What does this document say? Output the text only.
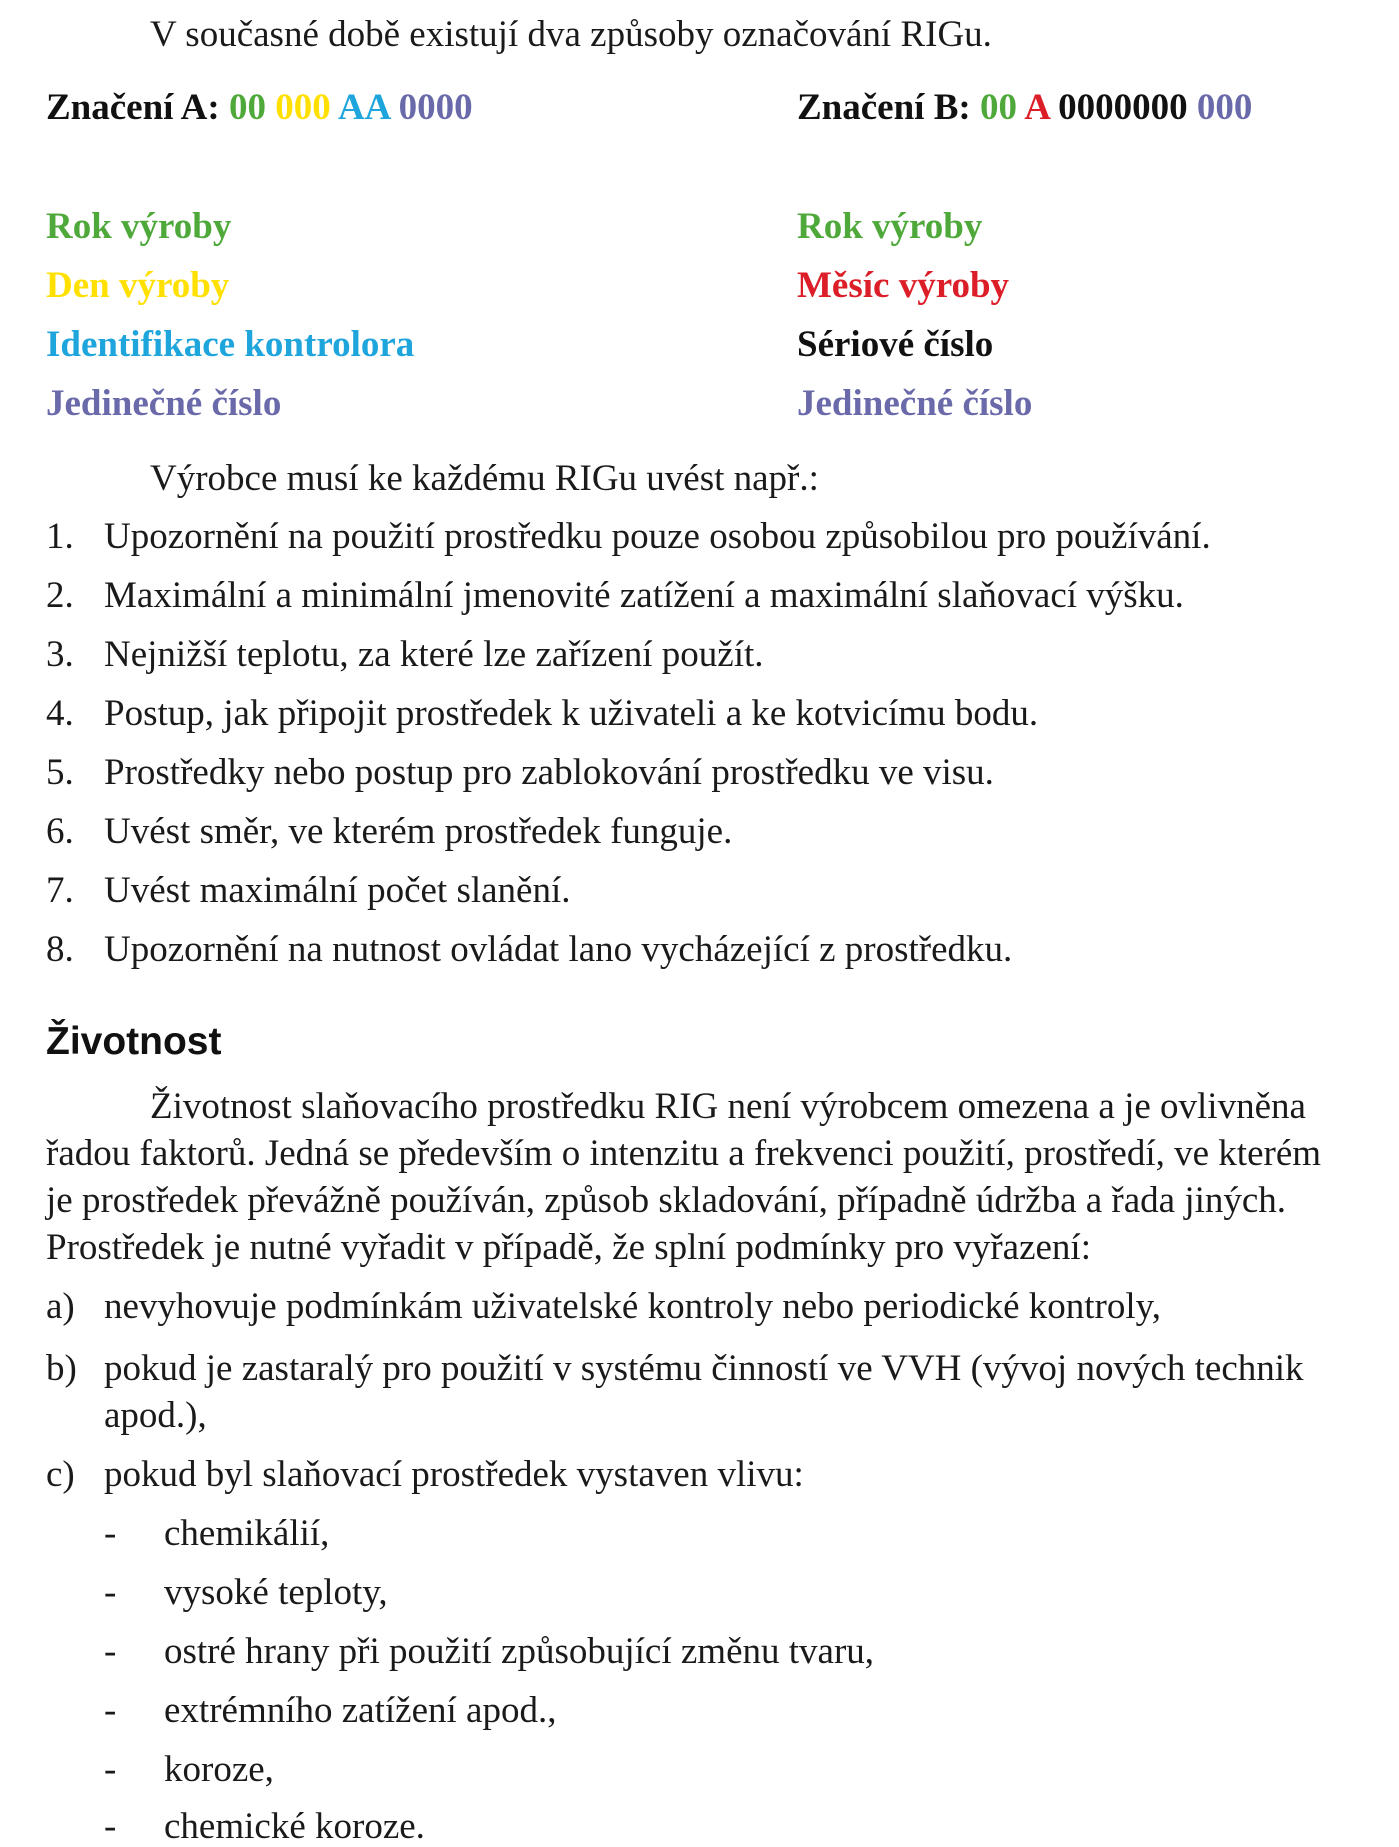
V současné době existují dva způsoby označování RIGu.
Značení A: 00 000 AA 0000	Značení B: 00 A 0000000 000
Rok výroby
Den výroby
Identifikace kontrolora
Jedinečné číslo
Rok výroby
Měsíc výroby
Sériové číslo
Jedinečné číslo
Výrobce musí ke každému RIGu uvést např.:
1. Upozornění na použití prostředku pouze osobou způsobilou pro používání.
2. Maximální a minimální jmenovité zatížení a maximální slaňovací výšku.
3. Nejnižší teplotu, za které lze zařízení použít.
4. Postup, jak připojit prostředek k uživateli a ke kotvicímu bodu.
5. Prostředky nebo postup pro zablokování prostředku ve visu.
6. Uvést směr, ve kterém prostředek funguje.
7. Uvést maximální počet slanění.
8. Upozornění na nutnost ovládat lano vycházející z prostředku.
Životnost
Životnost slaňovacího prostředku RIG není výrobcem omezena a je ovlivněna
řadou faktorů. Jedná se především o intenzitu a frekvenci použití, prostředí, ve kterém
je prostředek převážně používán, způsob skladování, případně údržba a řada jiných.
Prostředek je nutné vyřadit v případě, že splní podmínky pro vyřazení:
a) nevyhovuje podmínkám uživatelské kontroly nebo periodické kontroly,
b) pokud je zastaralý pro použití v systému činností ve VVH (vývoj nových technik
apod.),
c) pokud byl slaňovací prostředek vystaven vlivu:
- chemikálií,
- vysoké teploty,
- ostré hrany při použití způsobující změnu tvaru,
- extrémního zatížení apod.,
- koroze,
- chemické koroze.
